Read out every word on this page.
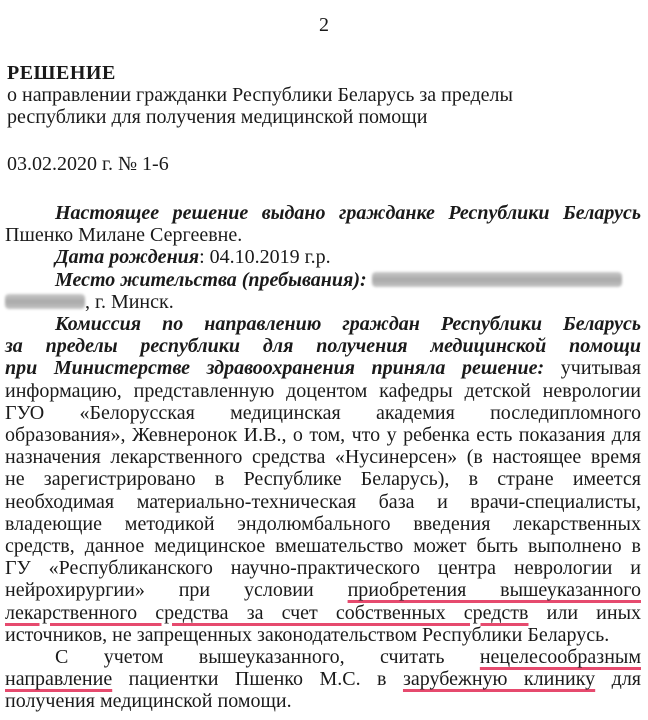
2
РЕШЕНИЕ
о направлении гражданки Республики Беларусь за пределы
республики для получения медицинской помощи
03.02.2020 г. № 1-6

Настоящее решение выдано гражданке Республики Беларусь

Пшенко Милане Сергеевне.

Дата рождения: 04.10.2019 г.р.

Место жительства (пребывания):

, г. Минск.

Комиссия по направлению граждан Республики Беларусь

за пределы республики для получения медицинской помощи

при Министерстве здравоохранения приняла решение: учитывая

информацию, представленную доцентом кафедры детской неврологии

ГУО «Белорусская медицинская академия последипломного

образования», Жевнеронок И.В., о том, что у ребенка есть показания для

назначения лекарственного средства «Нусинерсен» (в настоящее время

не зарегистрировано в Республике Беларусь), в стране имеется

необходимая материально-техническая база и врачи-специалисты,

владеющие методикой эндолюмбального введения лекарственных

средств, данное медицинское вмешательство может быть выполнено в

ГУ «Республиканского научно-практического центра неврологии и

нейрохирургии» при условии приобретения вышеуказанного

лекарственного средства за счет собственных средств или иных

источников, не запрещенных законодательством Республики Беларусь.

С учетом вышеуказанного, считать нецелесообразным

направление пациентки Пшенко М.С. в зарубежную клинику для

получения медицинской помощи.
